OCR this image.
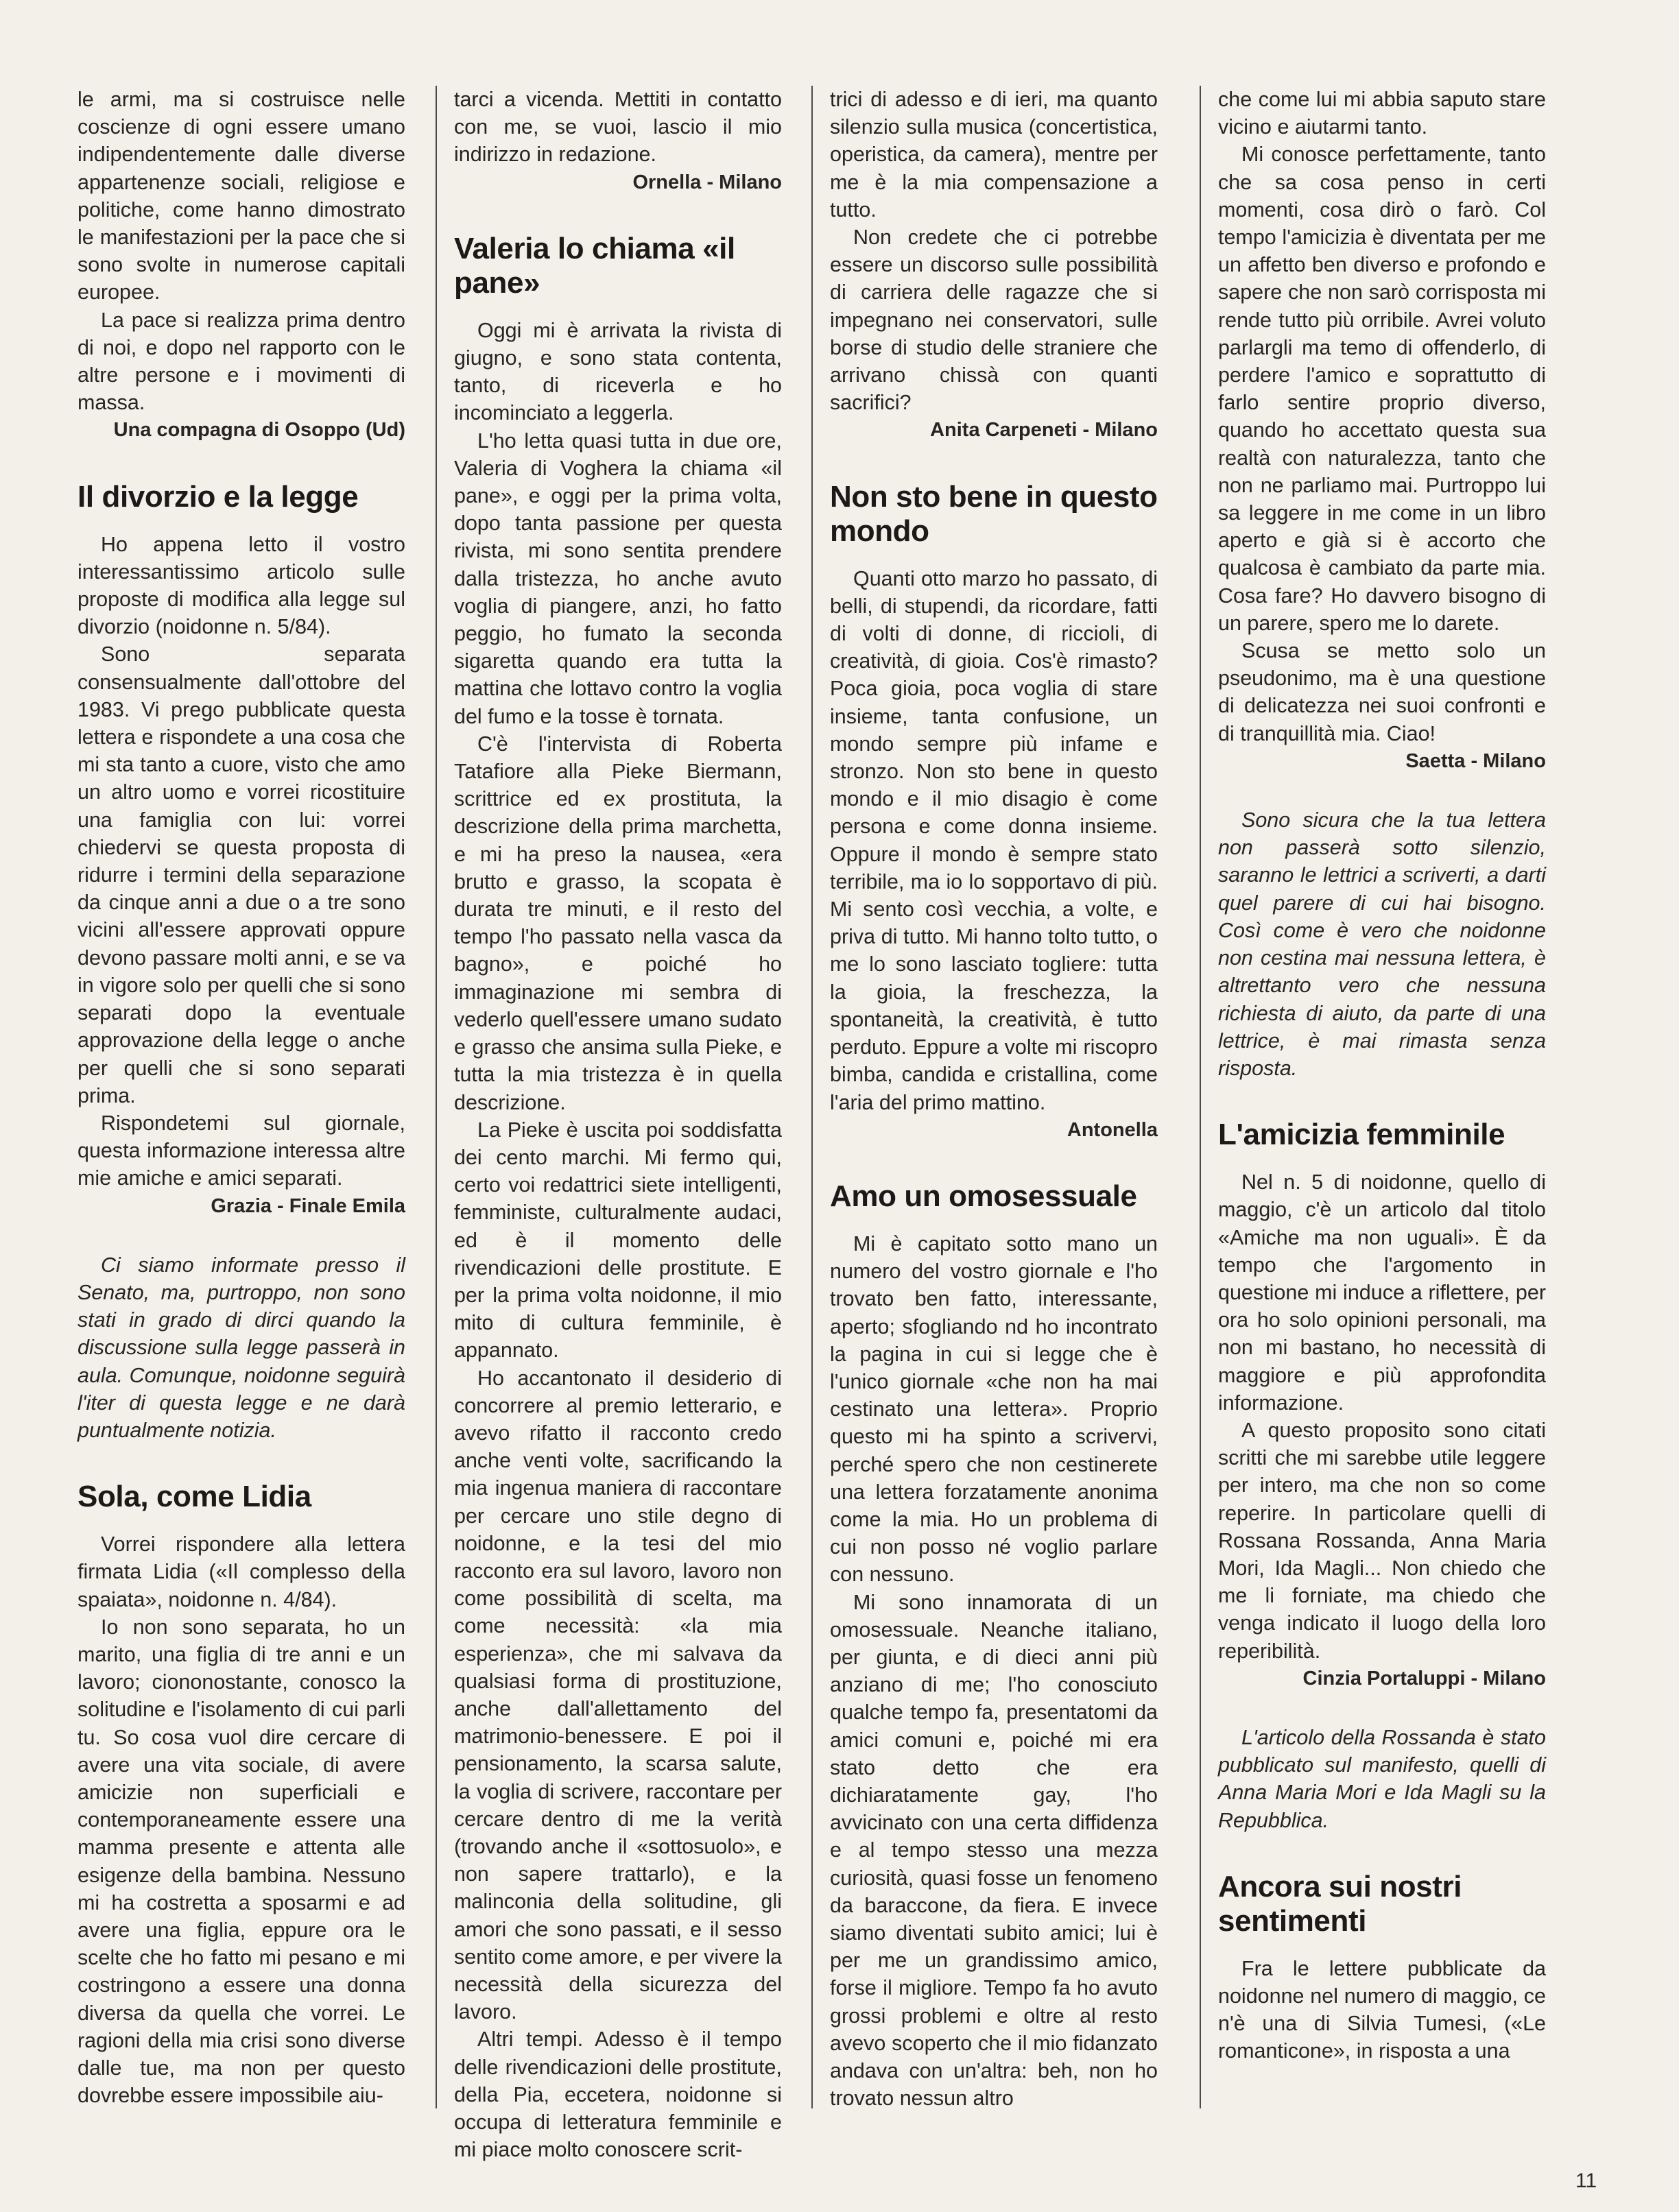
le armi, ma si costruisce nelle coscienze di ogni essere umano indipendentemente dalle diverse appartenenze sociali, religiose e politiche, come hanno dimostrato le manifestazioni per la pace che si sono svolte in numerose capitali europee.

La pace si realizza prima dentro di noi, e dopo nel rapporto con le altre persone e i movimenti di massa.

Una compagna di Osoppo (Ud)

Il divorzio e la legge

Ho appena letto il vostro interessantissimo articolo sulle proposte di modifica alla legge sul divorzio (noidonne n. 5/84).

Sono separata consensualmente dall'ottobre del 1983. Vi prego pubblicate questa lettera e rispondete a una cosa che mi sta tanto a cuore, visto che amo un altro uomo e vorrei ricostituire una famiglia con lui: vorrei chiedervi se questa proposta di ridurre i termini della separazione da cinque anni a due o a tre sono vicini all'essere approvati oppure devono passare molti anni, e se va in vigore solo per quelli che si sono separati dopo la eventuale approvazione della legge o anche per quelli che si sono separati prima.

Rispondetemi sul giornale, questa informazione interessa altre mie amiche e amici separati.

Grazia - Finale Emila

Ci siamo informate presso il Senato, ma, purtroppo, non sono stati in grado di dirci quando la discussione sulla legge passerà in aula. Comunque, noidonne seguirà l'iter di questa legge e ne darà puntualmente notizia.

Sola, come Lidia

Vorrei rispondere alla lettera firmata Lidia («Il complesso della spaiata», noidonne n. 4/84).

Io non sono separata, ho un marito, una figlia di tre anni e un lavoro; ciononostante, conosco la solitudine e l'isolamento di cui parli tu. So cosa vuol dire cercare di avere una vita sociale, di avere amicizie non superficiali e contemporaneamente essere una mamma presente e attenta alle esigenze della bambina. Nessuno mi ha costretta a sposarmi e ad avere una figlia, eppure ora le scelte che ho fatto mi pesano e mi costringono a essere una donna diversa da quella che vorrei. Le ragioni della mia crisi sono diverse dalle tue, ma non per questo dovrebbe essere impossibile aiu-

tarci a vicenda. Mettiti in contatto con me, se vuoi, lascio il mio indirizzo in redazione.

Ornella - Milano

Valeria lo chiama «il pane»

Oggi mi è arrivata la rivista di giugno, e sono stata contenta, tanto, di riceverla e ho incominciato a leggerla.

L'ho letta quasi tutta in due ore, Valeria di Voghera la chiama «il pane», e oggi per la prima volta, dopo tanta passione per questa rivista, mi sono sentita prendere dalla tristezza, ho anche avuto voglia di piangere, anzi, ho fatto peggio, ho fumato la seconda sigaretta quando era tutta la mattina che lottavo contro la voglia del fumo e la tosse è tornata.

C'è l'intervista di Roberta Tatafiore alla Pieke Biermann, scrittrice ed ex prostituta, la descrizione della prima marchetta, e mi ha preso la nausea, «era brutto e grasso, la scopata è durata tre minuti, e il resto del tempo l'ho passato nella vasca da bagno», e poiché ho immaginazione mi sembra di vederlo quell'essere umano sudato e grasso che ansima sulla Pieke, e tutta la mia tristezza è in quella descrizione.

La Pieke è uscita poi soddisfatta dei cento marchi. Mi fermo qui, certo voi redattrici siete intelligenti, femministe, culturalmente audaci, ed è il momento delle rivendicazioni delle prostitute. E per la prima volta noidonne, il mio mito di cultura femminile, è appannato.

Ho accantonato il desiderio di concorrere al premio letterario, e avevo rifatto il racconto credo anche venti volte, sacrificando la mia ingenua maniera di raccontare per cercare uno stile degno di noidonne, e la tesi del mio racconto era sul lavoro, lavoro non come possibilità di scelta, ma come necessità: «la mia esperienza», che mi salvava da qualsiasi forma di prostituzione, anche dall'allettamento del matrimonio-benessere. E poi il pensionamento, la scarsa salute, la voglia di scrivere, raccontare per cercare dentro di me la verità (trovando anche il «sottosuolo», e non sapere trattarlo), e la malinconia della solitudine, gli amori che sono passati, e il sesso sentito come amore, e per vivere la necessità della sicurezza del lavoro.

Altri tempi. Adesso è il tempo delle rivendicazioni delle prostitute, della Pia, eccetera, noidonne si occupa di letteratura femminile e mi piace molto conoscere scrit-

trici di adesso e di ieri, ma quanto silenzio sulla musica (concertistica, operistica, da camera), mentre per me è la mia compensazione a tutto.

Non credete che ci potrebbe essere un discorso sulle possibilità di carriera delle ragazze che si impegnano nei conservatori, sulle borse di studio delle straniere che arrivano chissà con quanti sacrifici?

Anita Carpeneti - Milano

Non sto bene in questo mondo

Quanti otto marzo ho passato, di belli, di stupendi, da ricordare, fatti di volti di donne, di riccioli, di creatività, di gioia. Cos'è rimasto? Poca gioia, poca voglia di stare insieme, tanta confusione, un mondo sempre più infame e stronzo. Non sto bene in questo mondo e il mio disagio è come persona e come donna insieme. Oppure il mondo è sempre stato terribile, ma io lo sopportavo di più. Mi sento così vecchia, a volte, e priva di tutto. Mi hanno tolto tutto, o me lo sono lasciato togliere: tutta la gioia, la freschezza, la spontaneità, la creatività, è tutto perduto. Eppure a volte mi riscopro bimba, candida e cristallina, come l'aria del primo mattino.

Antonella

Amo un omosessuale

Mi è capitato sotto mano un numero del vostro giornale e l'ho trovato ben fatto, interessante, aperto; sfogliando nd ho incontrato la pagina in cui si legge che è l'unico giornale «che non ha mai cestinato una lettera». Proprio questo mi ha spinto a scrivervi, perché spero che non cestinerete una lettera forzatamente anonima come la mia. Ho un problema di cui non posso né voglio parlare con nessuno.

Mi sono innamorata di un omosessuale. Neanche italiano, per giunta, e di dieci anni più anziano di me; l'ho conosciuto qualche tempo fa, presentatomi da amici comuni e, poiché mi era stato detto che era dichiaratamente gay, l'ho avvicinato con una certa diffidenza e al tempo stesso una mezza curiosità, quasi fosse un fenomeno da baraccone, da fiera. E invece siamo diventati subito amici; lui è per me un grandissimo amico, forse il migliore. Tempo fa ho avuto grossi problemi e oltre al resto avevo scoperto che il mio fidanzato andava con un'altra: beh, non ho trovato nessun altro

che come lui mi abbia saputo stare vicino e aiutarmi tanto.

Mi conosce perfettamente, tanto che sa cosa penso in certi momenti, cosa dirò o farò. Col tempo l'amicizia è diventata per me un affetto ben diverso e profondo e sapere che non sarò corrisposta mi rende tutto più orribile. Avrei voluto parlargli ma temo di offenderlo, di perdere l'amico e soprattutto di farlo sentire proprio diverso, quando ho accettato questa sua realtà con naturalezza, tanto che non ne parliamo mai. Purtroppo lui sa leggere in me come in un libro aperto e già si è accorto che qualcosa è cambiato da parte mia. Cosa fare? Ho davvero bisogno di un parere, spero me lo darete.

Scusa se metto solo un pseudonimo, ma è una questione di delicatezza nei suoi confronti e di tranquillità mia. Ciao!

Saetta - Milano

Sono sicura che la tua lettera non passerà sotto silenzio, saranno le lettrici a scriverti, a darti quel parere di cui hai bisogno. Così come è vero che noidonne non cestina mai nessuna lettera, è altrettanto vero che nessuna richiesta di aiuto, da parte di una lettrice, è mai rimasta senza risposta.

L'amicizia femminile

Nel n. 5 di noidonne, quello di maggio, c'è un articolo dal titolo «Amiche ma non uguali». È da tempo che l'argomento in questione mi induce a riflettere, per ora ho solo opinioni personali, ma non mi bastano, ho necessità di maggiore e più approfondita informazione.

A questo proposito sono citati scritti che mi sarebbe utile leggere per intero, ma che non so come reperire. In particolare quelli di Rossana Rossanda, Anna Maria Mori, Ida Magli... Non chiedo che me li forniate, ma chiedo che venga indicato il luogo della loro reperibilità.

Cinzia Portaluppi - Milano

L'articolo della Rossanda è stato pubblicato sul manifesto, quelli di Anna Maria Mori e Ida Magli su la Repubblica.

Ancora sui nostri sentimenti

Fra le lettere pubblicate da noidonne nel numero di maggio, ce n'è una di Silvia Tumesi, («Le romanticone», in risposta a una

11
